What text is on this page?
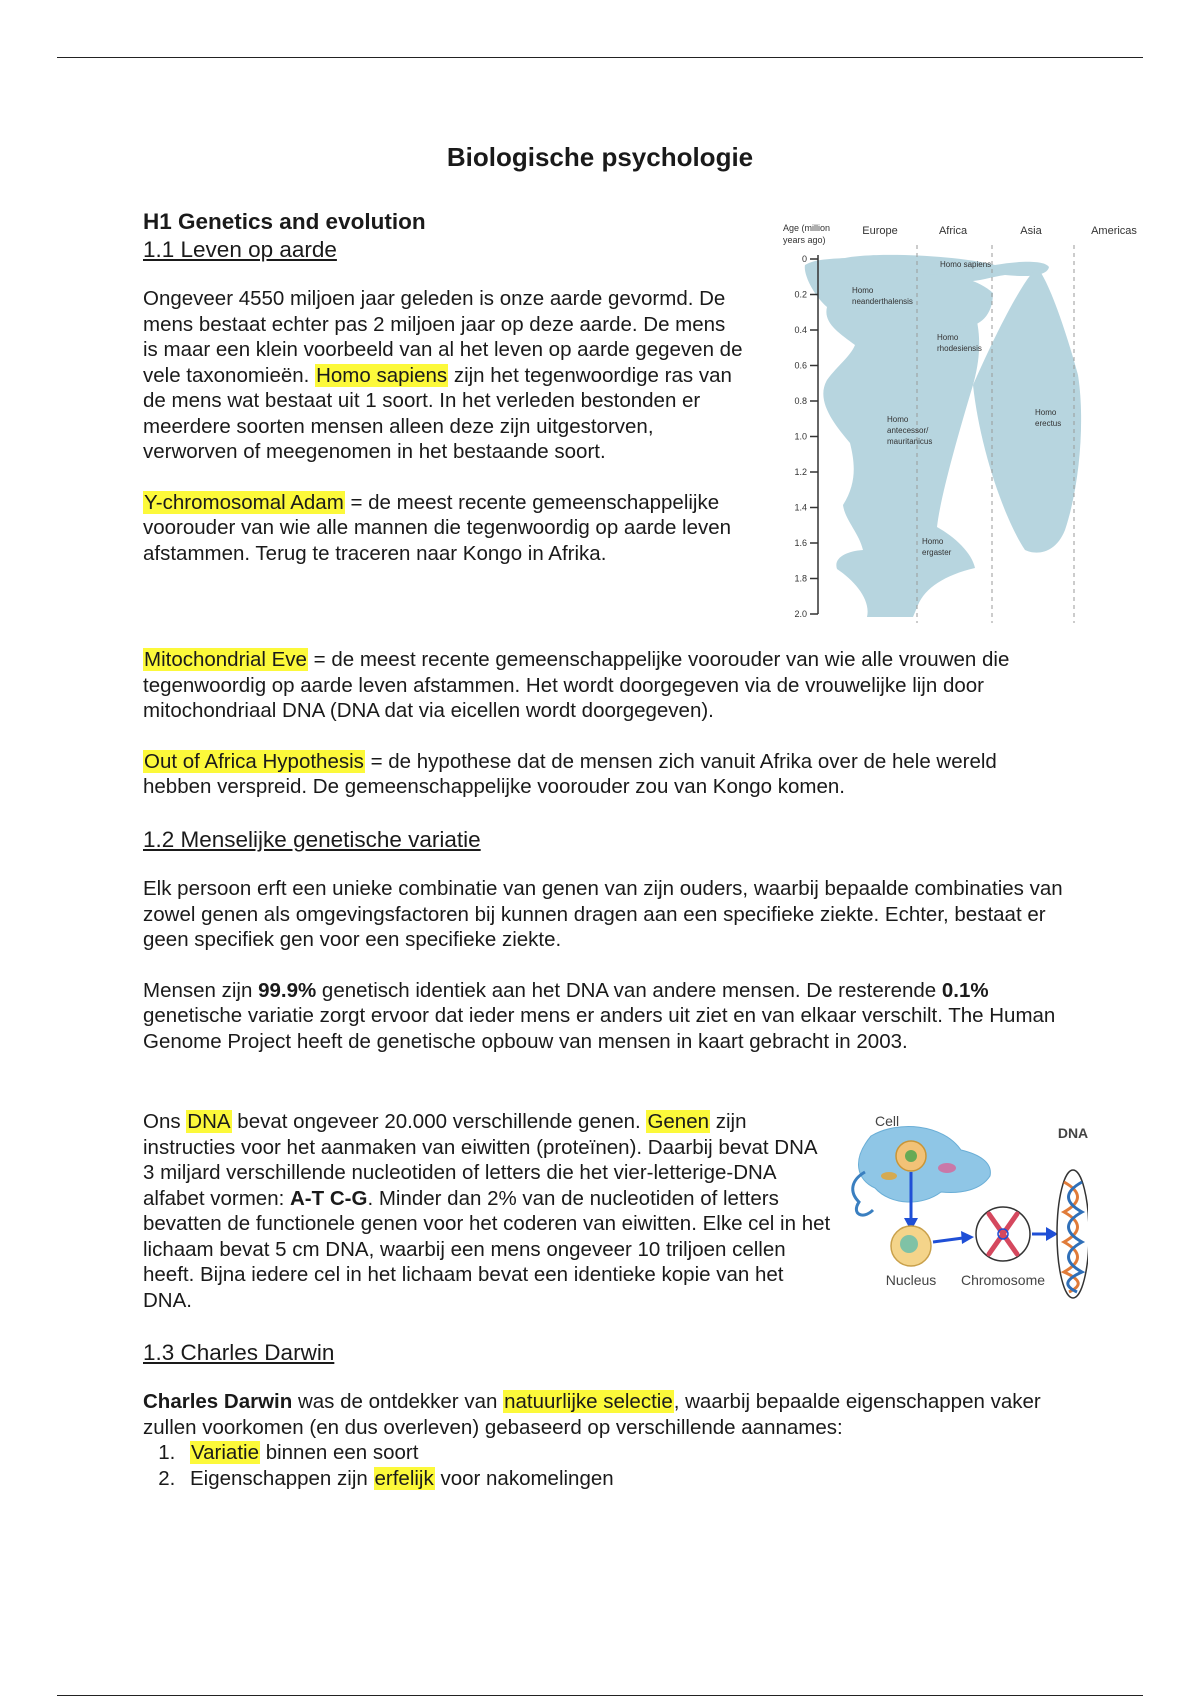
Biologische psychologie
H1 Genetics and evolution
1.1 Leven op aarde

Ongeveer 4550 miljoen jaar geleden is onze aarde gevormd. De mens bestaat echter pas 2 miljoen jaar op deze aarde. De mens is maar een klein voorbeeld van al het leven op aarde gegeven de vele taxonomieën. Homo sapiens zijn het tegenwoordige ras van de mens wat bestaat uit 1 soort. In het verleden bestonden er meerdere soorten mensen alleen deze zijn uitgestorven, verworven of meegenomen in het bestaande soort.

Y-chromosomal Adam = de meest recente gemeenschappelijke voorouder van wie alle mannen die tegenwoordig op aarde leven afstammen. Terug te traceren naar Kongo in Afrika.

Mitochondrial Eve = de meest recente gemeenschappelijke voorouder van wie alle vrouwen die tegenwoordig op aarde leven afstammen. Het wordt doorgegeven via de vrouwelijke lijn door mitochondriaal DNA (DNA dat via eicellen wordt doorgegeven).

Out of Africa Hypothesis = de hypothese dat de mensen zich vanuit Afrika over de hele wereld hebben verspreid. De gemeenschappelijke voorouder zou van Kongo komen.

1.2 Menselijke genetische variatie

Elk persoon erft een unieke combinatie van genen van zijn ouders, waarbij bepaalde combinaties van zowel genen als omgevingsfactoren bij kunnen dragen aan een specifieke ziekte. Echter, bestaat er geen specifiek gen voor een specifieke ziekte.

Mensen zijn 99.9% genetisch identiek aan het DNA van andere mensen. De resterende 0.1% genetische variatie zorgt ervoor dat ieder mens er anders uit ziet en van elkaar verschilt. The Human Genome Project heeft de genetische opbouw van mensen in kaart gebracht in 2003.

Ons DNA bevat ongeveer 20.000 verschillende genen. Genen zijn instructies voor het aanmaken van eiwitten (proteïnen). Daarbij bevat DNA 3 miljard verschillende nucleotiden of letters die het vier-letterige-DNA alfabet vormen: A-T C-G. Minder dan 2% van de nucleotiden of letters bevatten de functionele genen voor het coderen van eiwitten. Elke cel in het lichaam bevat 5 cm DNA, waarbij een mens ongeveer 10 triljoen cellen heeft. Bijna iedere cel in het lichaam bevat een identieke kopie van het DNA.

1.3 Charles Darwin

Charles Darwin was de ontdekker van natuurlijke selectie, waarbij bepaalde eigenschappen vaker zullen voorkomen (en dus overleven) gebaseerd op verschillende aannames:

1. Variatie binnen een soort
2. Eigenschappen zijn erfelijk voor nakomelingen
0
0.2
0.4
0.6
0.8
1.0
1.2
1.4
1.6
1.8
2.0
Age (million
years ago)
Europe	Africa	Asia	Americas
Homo sapiens
Homo
neanderthalensis
Homo
rhodesiensis
Homo
antecessor/
mauritanicus
Homo
erectus
Homo
ergaster
Cell
DNA
Nucleus Chromosome
